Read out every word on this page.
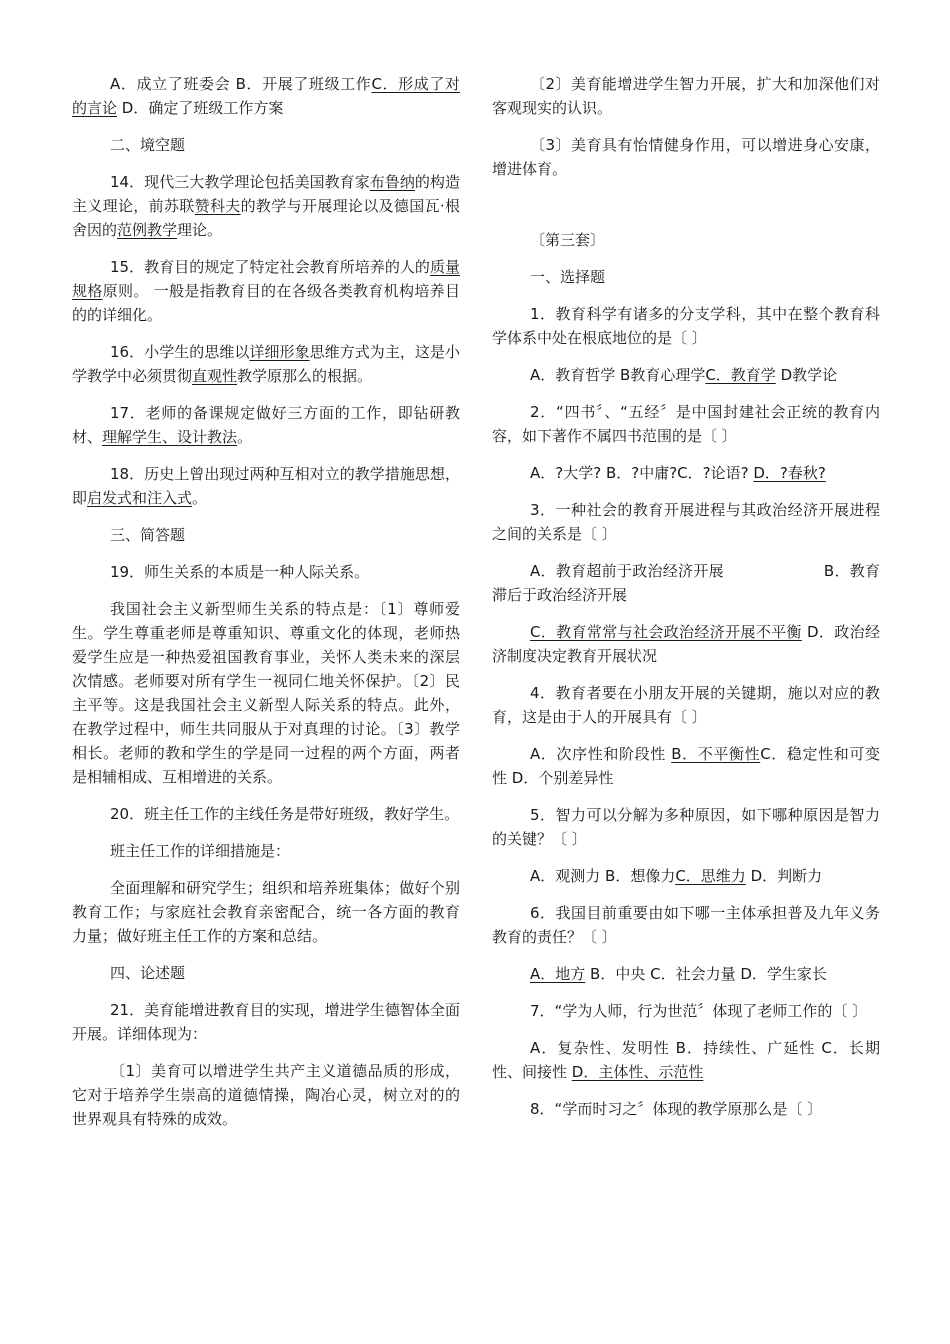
A．成立了班委会 B．开展了班级工作C．形成了对的言论 D．确定了班级工作方案

二、境空题

14．现代三大教学理论包括美国教育家布鲁纳的构造主义理论，前苏联赞科夫的教学与开展理论以及德国瓦·根舍因的范例教学理论。

15．教育目的规定了特定社会教育所培养的人的质量规格原则。 一般是指教育目的在各级各类教育机构培养目的的详细化。

16．小学生的思维以详细形象思维方式为主，这是小学教学中必须贯彻直观性教学原那么的根据。

17．老师的备课规定做好三方面的工作，即钻研教材、理解学生、设计教法。

18．历史上曾出现过两种互相对立的教学措施思想，即启发式和注入式。

三、简答题

19．师生关系的本质是一种人际关系。

我国社会主义新型师生关系的特点是：〔1〕尊师爱生。学生尊重老师是尊重知识、尊重文化的体现，老师热爱学生应是一种热爱祖国教育事业，关怀人类未来的深层次情感。老师要对所有学生一视同仁地关怀保护。〔2〕民主平等。这是我国社会主义新型人际关系的特点。此外，在教学过程中，师生共同服从于对真理的讨论。〔3〕教学相长。老师的教和学生的学是同一过程的两个方面，两者是相辅相成、互相增进的关系。

20．班主任工作的主线任务是带好班级，教好学生。

班主任工作的详细措施是：

全面理解和研究学生；组织和培养班集体；做好个别教育工作；与家庭社会教育亲密配合，统一各方面的教育力量；做好班主任工作的方案和总结。

四、论述题

21．美育能增进教育目的实现，增进学生德智体全面开展。详细体现为：

〔1〕美育可以增进学生共产主义道德品质的形成，它对于培养学生崇高的道德情操，陶冶心灵，树立对的的世界观具有特殊的成效。

〔2〕美育能增进学生智力开展，扩大和加深他们对客观现实的认识。

〔3〕美育具有怡情健身作用，可以增进身心安康，增进体育。

〔第三套〕

一、选择题

1．教育科学有诸多的分支学科，其中在整个教育科学体系中处在根底地位的是〔 〕

A．教育哲学 B教育心理学C．教育学 D教学论

2．“四书〞、“五经〞是中国封建社会正统的教育内容，如下著作不属四书范围的是〔 〕

A．?大学? B．?中庸?C．?论语? D．?春秋?

3．一种社会的教育开展进程与其政治经济开展进程之间的关系是〔 〕

A．教育超前于政治经济开展	B．教育滞后于政治经济开展

C．教育常常与社会政治经济开展不平衡 D．政治经济制度决定教育开展状况

4．教育者要在小朋友开展的关键期，施以对应的教育，这是由于人的开展具有〔 〕

A．次序性和阶段性 B．不平衡性C．稳定性和可变性 D．个别差异性

5．智力可以分解为多种原因，如下哪种原因是智力的关键？〔 〕

A．观测力 B．想像力C．思维力 D．判断力

6．我国目前重要由如下哪一主体承担普及九年义务教育的责任？〔 〕

A．地方 B．中央 C．社会力量 D．学生家长

7．“学为人师，行为世范〞体现了老师工作的〔 〕

A．复杂性、发明性 B．持续性、广延性 C．长期性、间接性 D．主体性、示范性

8．“学而时习之〞体现的教学原那么是〔 〕
